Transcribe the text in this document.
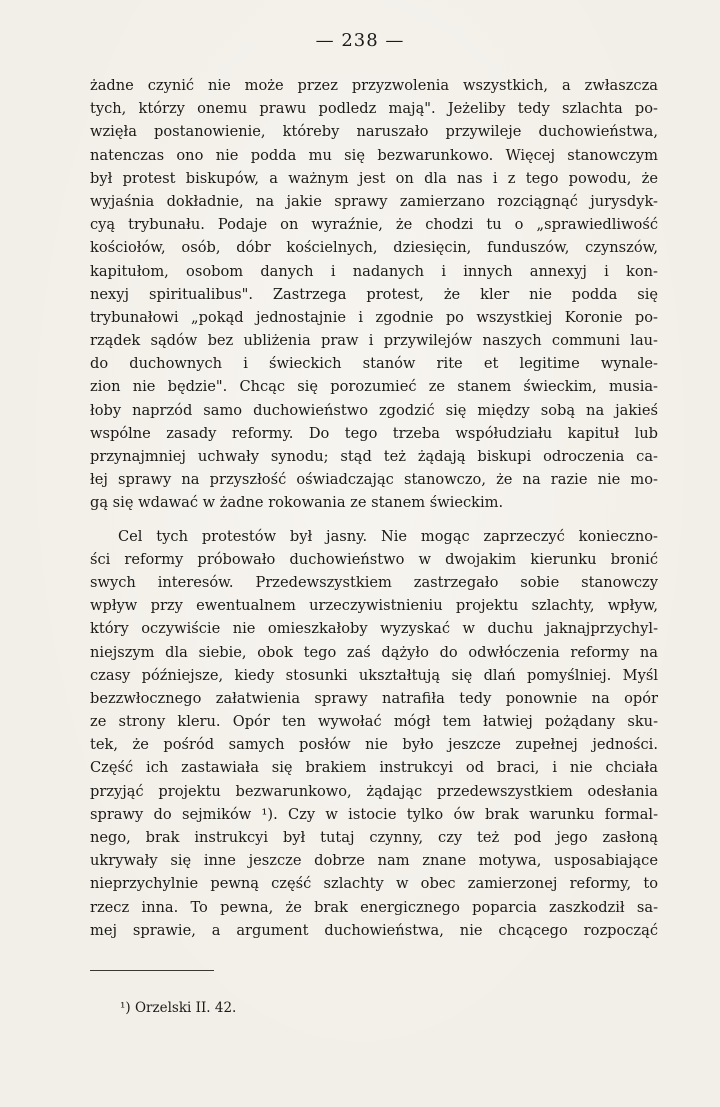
— 238 —
żadne czynić nie może przez przyzwolenia wszystkich, a zwłaszcza
tych, którzy onemu prawu podledz mają". Jeżeliby tedy szlachta po-
wzięła postanowienie, któreby naruszało przywileje duchowieństwa,
natenczas ono nie podda mu się bezwarunkowo. Więcej stanowczym
był protest biskupów, a ważnym jest on dla nas i z tego powodu, że
wyjaśnia dokładnie, na jakie sprawy zamierzano rozciągnąć jurysdyk-
cyą trybunału. Podaje on wyraźnie, że chodzi tu o „sprawiedliwość
kościołów, osób, dóbr kościelnych, dziesięcin, funduszów, czynszów,
kapitułom, osobom danych i nadanych i innych annexyj i kon-
nexyj spiritualibus". Zastrzega protest, że kler nie podda się
trybunałowi „pokąd jednostajnie i zgodnie po wszystkiej Koronie po-
rządek sądów bez ubliżenia praw i przywilejów naszych communi lau-
do duchownych i świeckich stanów rite et legitime wynale-
zion nie będzie". Chcąc się porozumieć ze stanem świeckim, musia-
łoby naprzód samo duchowieństwo zgodzić się między sobą na jakieś
wspólne zasady reformy. Do tego trzeba współudziału kapituł lub
przynajmniej uchwały synodu; stąd też żądają biskupi odroczenia ca-
łej sprawy na przyszłość oświadczając stanowczo, że na razie nie mo-
gą się wdawać w żadne rokowania ze stanem świeckim.
Cel tych protestów był jasny. Nie mogąc zaprzeczyć konieczno-
ści reformy próbowało duchowieństwo w dwojakim kierunku bronić
swych interesów. Przedewszystkiem zastrzegało sobie stanowczy
wpływ przy ewentualnem urzeczywistnieniu projektu szlachty, wpływ,
który oczywiście nie omieszkałoby wyzyskać w duchu jaknajprzychyl-
niejszym dla siebie, obok tego zaś dążyło do odwłóczenia reformy na
czasy późniejsze, kiedy stosunki ukształtują się dlań pomyślniej. Myśl
bezzwłocznego załatwienia sprawy natrafiła tedy ponownie na opór
ze strony kleru. Opór ten wywołać mógł tem łatwiej pożądany sku-
tek, że pośród samych posłów nie było jeszcze zupełnej jedności.
Część ich zastawiała się brakiem instrukcyi od braci, i nie chciała
przyjąć projektu bezwarunkowo, żądając przedewszystkiem odesłania
sprawy do sejmików ¹). Czy w istocie tylko ów brak warunku formal-
nego, brak instrukcyi był tutaj czynny, czy też pod jego zasłoną
ukrywały się inne jeszcze dobrze nam znane motywa, usposabiające
nieprzychylnie pewną część szlachty w obec zamierzonej reformy, to
rzecz inna. To pewna, że brak energicznego poparcia zaszkodził sa-
mej sprawie, a argument duchowieństwa, nie chcącego rozpocząć
¹) Orzelski II. 42.
